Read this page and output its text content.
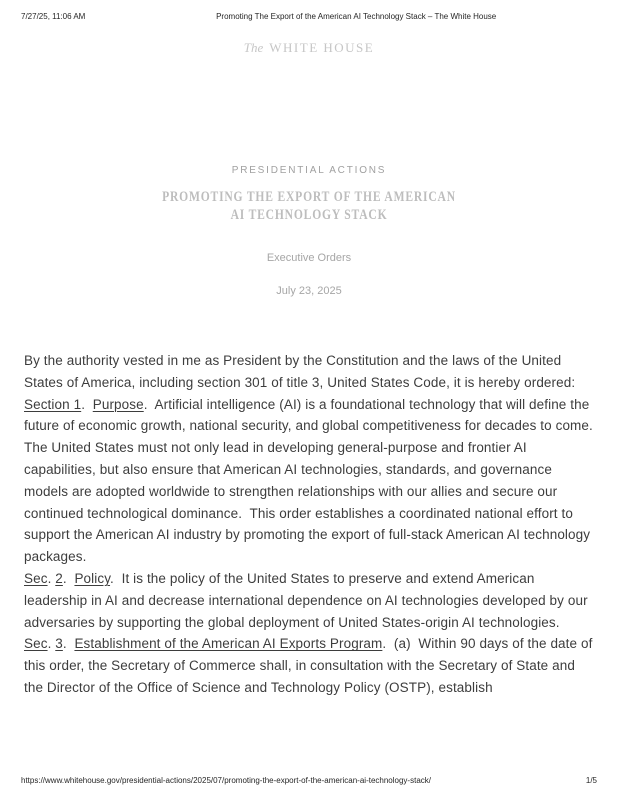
7/27/25, 11:06 AM	Promoting The Export of the American AI Technology Stack – The White House
The WHITE HOUSE
PRESIDENTIAL ACTIONS
PROMOTING THE EXPORT OF THE AMERICAN
AI TECHNOLOGY STACK
Executive Orders
July 23, 2025

By the authority vested in me as President by the Constitution and the laws of the United States of America, including section 301 of title 3, United States Code, it is hereby ordered:

Section 1.  Purpose.  Artificial intelligence (AI) is a foundational technology that will define the future of economic growth, national security, and global competitiveness for decades to come.  The United States must not only lead in developing general-purpose and frontier AI capabilities, but also ensure that American AI technologies, standards, and governance models are adopted worldwide to strengthen relationships with our allies and secure our continued technological dominance.  This order establishes a coordinated national effort to support the American AI industry by promoting the export of full-stack American AI technology packages.

Sec. 2.  Policy.  It is the policy of the United States to preserve and extend American leadership in AI and decrease international dependence on AI technologies developed by our adversaries by supporting the global deployment of United States-origin AI technologies.

Sec. 3.  Establishment of the American AI Exports Program.  (a)  Within 90 days of the date of this order, the Secretary of Commerce shall, in consultation with the Secretary of State and the Director of the Office of Science and Technology Policy (OSTP), establish

https://www.whitehouse.gov/presidential-actions/2025/07/promoting-the-export-of-the-american-ai-technology-stack/	1/5
